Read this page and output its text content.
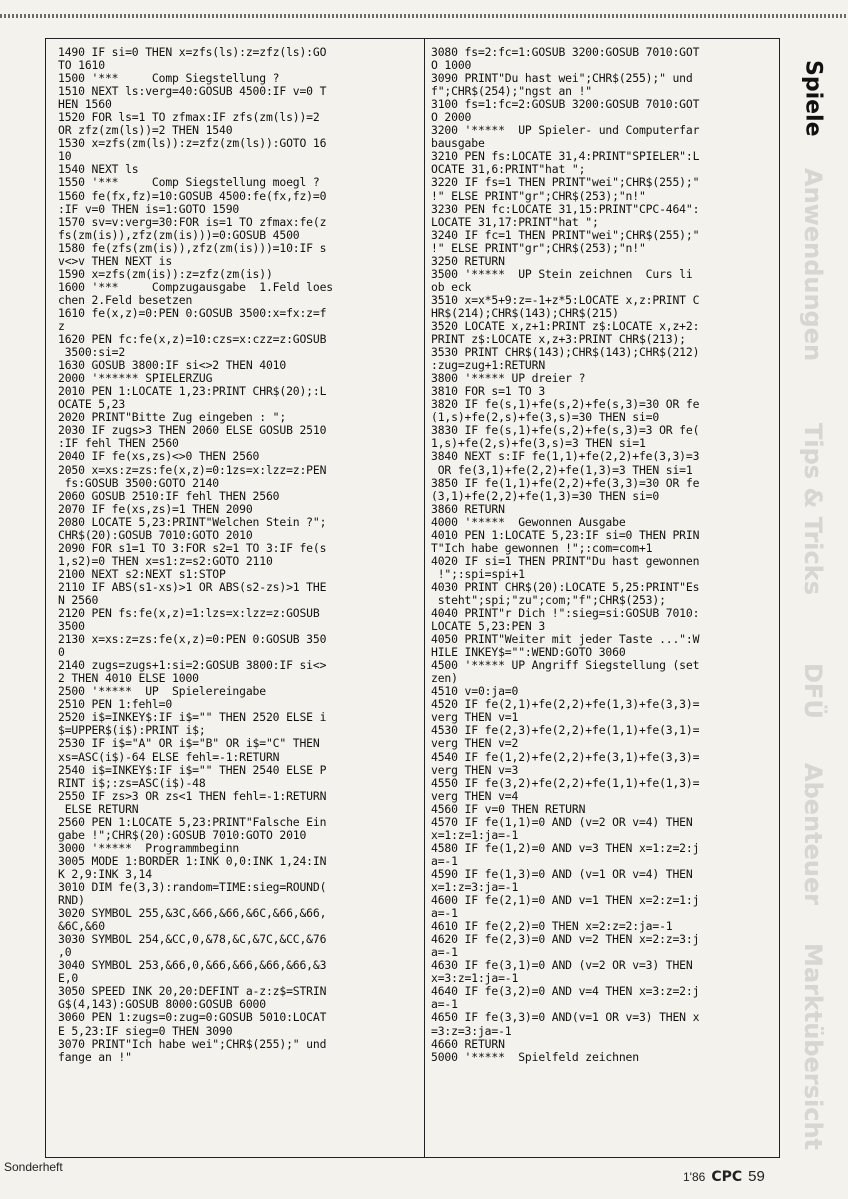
1490 IF si=0 THEN x=zfs(ls):z=zfz(ls):GO
TO 1610
1500 '***     Comp Siegstellung ?
1510 NEXT ls:verg=40:GOSUB 4500:IF v=0 T
HEN 1560
1520 FOR ls=1 TO zfmax:IF zfs(zm(ls))=2
OR zfz(zm(ls))=2 THEN 1540
1530 x=zfs(zm(ls)):z=zfz(zm(ls)):GOTO 16
10
1540 NEXT ls
1550 '***     Comp Siegstellung moegl ?
1560 fe(fx,fz)=10:GOSUB 4500:fe(fx,fz)=0
:IF v=0 THEN is=1:GOTO 1590
1570 sv=v:verg=30:FOR is=1 TO zfmax:fe(z
fs(zm(is)),zfz(zm(is)))=0:GOSUB 4500
1580 fe(zfs(zm(is)),zfz(zm(is)))=10:IF s
v<>v THEN NEXT is
1590 x=zfs(zm(is)):z=zfz(zm(is))
1600 '***     Compzugausgabe  1.Feld loes
chen 2.Feld besetzen
1610 fe(x,z)=0:PEN 0:GOSUB 3500:x=fx:z=f
z
1620 PEN fc:fe(x,z)=10:czs=x:czz=z:GOSUB
3500:si=2
1630 GOSUB 3800:IF si<>2 THEN 4010
2000 '****** SPIELERZUG
2010 PEN 1:LOCATE 1,23:PRINT CHR$(20);:L
OCATE 5,23
2020 PRINT"Bitte Zug eingeben : ";
2030 IF zugs>3 THEN 2060 ELSE GOSUB 2510
:IF fehl THEN 2560
2040 IF fe(xs,zs)<>0 THEN 2560
2050 x=xs:z=zs:fe(x,z)=0:1zs=x:lzz=z:PEN
fs:GOSUB 3500:GOTO 2140
2060 GOSUB 2510:IF fehl THEN 2560
2070 IF fe(xs,zs)=1 THEN 2090
2080 LOCATE 5,23:PRINT"Welchen Stein ?";
CHR$(20):GOSUB 7010:GOTO 2010
2090 FOR s1=1 TO 3:FOR s2=1 TO 3:IF fe(s
1,s2)=0 THEN x=s1:z=s2:GOTO 2110
2100 NEXT s2:NEXT s1:STOP
2110 IF ABS(s1-xs)>1 OR ABS(s2-zs)>1 THE
N 2560
2120 PEN fs:fe(x,z)=1:lzs=x:lzz=z:GOSUB
3500
2130 x=xs:z=zs:fe(x,z)=0:PEN 0:GOSUB 350
0
2140 zugs=zugs+1:si=2:GOSUB 3800:IF si<>
2 THEN 4010 ELSE 1000
2500 '*****  UP  Spielereingabe
2510 PEN 1:fehl=0
2520 i$=INKEY$:IF i$="" THEN 2520 ELSE i
$=UPPER$(i$):PRINT i$;
2530 IF i$="A" OR i$="B" OR i$="C" THEN
xs=ASC(i$)-64 ELSE fehl=-1:RETURN
2540 i$=INKEY$:IF i$="" THEN 2540 ELSE P
RINT i$;:zs=ASC(i$)-48
2550 IF zs>3 OR zs<1 THEN fehl=-1:RETURN
ELSE RETURN
2560 PEN 1:LOCATE 5,23:PRINT"Falsche Ein
gabe !";CHR$(20):GOSUB 7010:GOTO 2010
3000 '*****  Programmbeginn
3005 MODE 1:BORDER 1:INK 0,0:INK 1,24:IN
K 2,9:INK 3,14
3010 DIM fe(3,3):random=TIME:sieg=ROUND(
RND)
3020 SYMBOL 255,&3C,&66,&66,&6C,&66,&66,
&6C,&60
3030 SYMBOL 254,&CC,0,&78,&C,&7C,&CC,&76
,0
3040 SYMBOL 253,&66,0,&66,&66,&66,&66,&3
E,0
3050 SPEED INK 20,20:DEFINT a-z:z$=STRIN
G$(4,143):GOSUB 8000:GOSUB 6000
3060 PEN 1:zugs=0:zug=0:GOSUB 5010:LOCAT
E 5,23:IF sieg=0 THEN 3090
3070 PRINT"Ich habe wei";CHR$(255);" und
fange an !"
3080 fs=2:fc=1:GOSUB 3200:GOSUB 7010:GOT
O 1000
3090 PRINT"Du hast wei";CHR$(255);" und
f";CHR$(254);"ngst an !"
3100 fs=1:fc=2:GOSUB 3200:GOSUB 7010:GOT
O 2000
3200 '*****  UP Spieler- und Computerfar
bausgabe
3210 PEN fs:LOCATE 31,4:PRINT"SPIELER":L
OCATE 31,6:PRINT"hat ";
3220 IF fs=1 THEN PRINT"wei";CHR$(255);"
!" ELSE PRINT"gr";CHR$(253);"n!"
3230 PEN fc:LOCATE 31,15:PRINT"CPC-464":
LOCATE 31,17:PRINT"hat ";
3240 IF fc=1 THEN PRINT"wei";CHR$(255);"
!" ELSE PRINT"gr";CHR$(253);"n!"
3250 RETURN
3500 '*****  UP Stein zeichnen  Curs li
ob eck
3510 x=x*5+9:z=-1+z*5:LOCATE x,z:PRINT C
HR$(214);CHR$(143);CHR$(215)
3520 LOCATE x,z+1:PRINT z$:LOCATE x,z+2:
PRINT z$:LOCATE x,z+3:PRINT CHR$(213);
3530 PRINT CHR$(143);CHR$(143);CHR$(212)
:zug=zug+1:RETURN
3800 '***** UP dreier ?
3810 FOR s=1 TO 3
3820 IF fe(s,1)+fe(s,2)+fe(s,3)=30 OR fe
(1,s)+fe(2,s)+fe(3,s)=30 THEN si=0
3830 IF fe(s,1)+fe(s,2)+fe(s,3)=3 OR fe(
1,s)+fe(2,s)+fe(3,s)=3 THEN si=1
3840 NEXT s:IF fe(1,1)+fe(2,2)+fe(3,3)=3
OR fe(3,1)+fe(2,2)+fe(1,3)=3 THEN si=1
3850 IF fe(1,1)+fe(2,2)+fe(3,3)=30 OR fe
(3,1)+fe(2,2)+fe(1,3)=30 THEN si=0
3860 RETURN
4000 '*****  Gewonnen Ausgabe
4010 PEN 1:LOCATE 5,23:IF si=0 THEN PRIN
T"Ich habe gewonnen !";:com=com+1
4020 IF si=1 THEN PRINT"Du hast gewonnen
!";:spi=spi+1
4030 PRINT CHR$(20):LOCATE 5,25:PRINT"Es
steht";spi;"zu";com;"f";CHR$(253);
4040 PRINT"r Dich !":sieg=si:GOSUB 7010:
LOCATE 5,23:PEN 3
4050 PRINT"Weiter mit jeder Taste ...":W
HILE INKEY$="":WEND:GOTO 3060
4500 '***** UP Angriff Siegstellung (set
zen)
4510 v=0:ja=0
4520 IF fe(2,1)+fe(2,2)+fe(1,3)+fe(3,3)=
verg THEN v=1
4530 IF fe(2,3)+fe(2,2)+fe(1,1)+fe(3,1)=
verg THEN v=2
4540 IF fe(1,2)+fe(2,2)+fe(3,1)+fe(3,3)=
verg THEN v=3
4550 IF fe(3,2)+fe(2,2)+fe(1,1)+fe(1,3)=
verg THEN v=4
4560 IF v=0 THEN RETURN
4570 IF fe(1,1)=0 AND (v=2 OR v=4) THEN
x=1:z=1:ja=-1
4580 IF fe(1,2)=0 AND v=3 THEN x=1:z=2:j
a=-1
4590 IF fe(1,3)=0 AND (v=1 OR v=4) THEN
x=1:z=3:ja=-1
4600 IF fe(2,1)=0 AND v=1 THEN x=2:z=1:j
a=-1
4610 IF fe(2,2)=0 THEN x=2:z=2:ja=-1
4620 IF fe(2,3)=0 AND v=2 THEN x=2:z=3:j
a=-1
4630 IF fe(3,1)=0 AND (v=2 OR v=3) THEN
x=3:z=1:ja=-1
4640 IF fe(3,2)=0 AND v=4 THEN x=3:z=2:j
a=-1
4650 IF fe(3,3)=0 AND(v=1 OR v=3) THEN x
=3:z=3:ja=-1
4660 RETURN
5000 '*****  Spielfeld zeichnen
Spiele
Anwendungen
Tips & Tricks
DFÜ
Abenteuer
Marktübersicht
Sonderheft
1'86 CPC 59
